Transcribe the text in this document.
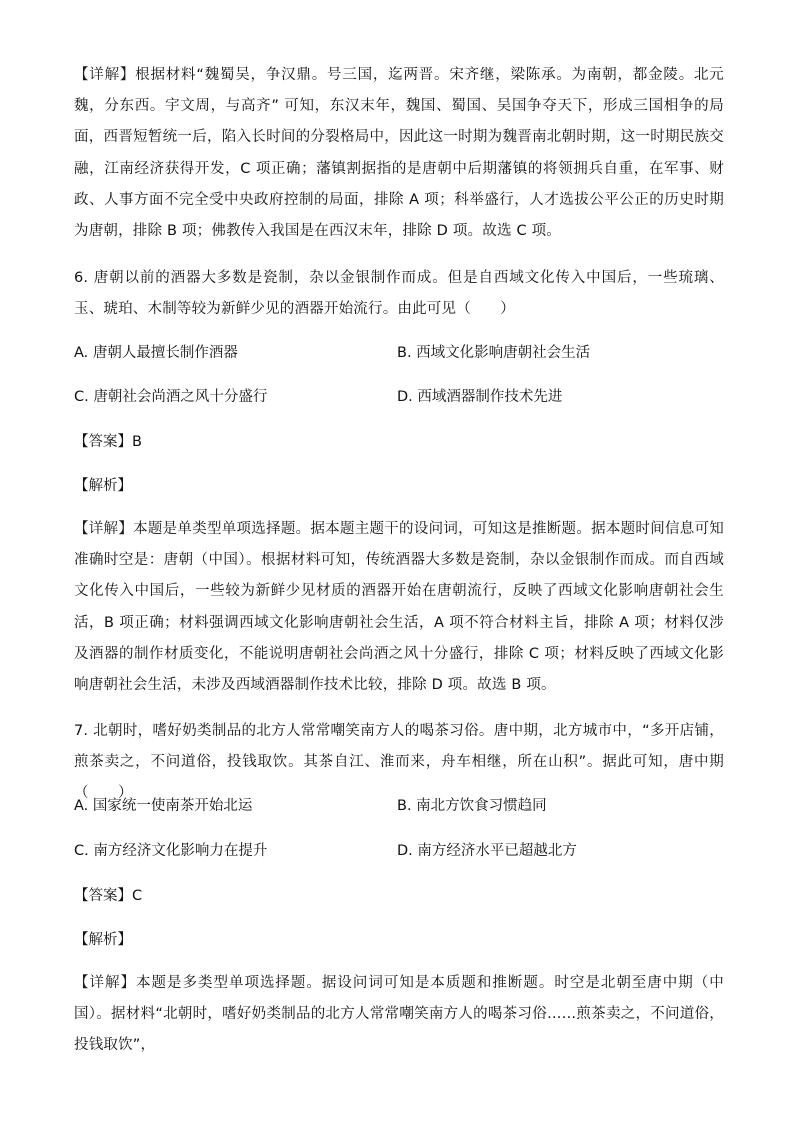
【详解】根据材料“魏蜀吴，争汉鼎。号三国，迄两晋。宋齐继，梁陈承。为南朝，都金陵。北元魏，分东西。宇文周，与高齐” 可知，东汉末年，魏国、蜀国、吴国争夺天下，形成三国相争的局面，西晋短暂统一后，陷入长时间的分裂格局中，因此这一时期为魏晋南北朝时期，这一时期民族交融，江南经济获得开发，C 项正确；藩镇割据指的是唐朝中后期藩镇的将领拥兵自重，在军事、财政、人事方面不完全受中央政府控制的局面，排除 A 项；科举盛行，人才选拔公平公正的历史时期为唐朝，排除 B 项；佛教传入我国是在西汉末年，排除 D 项。故选 C 项。
6. 唐朝以前的酒器大多数是瓷制，杂以金银制作而成。但是自西域文化传入中国后，一些琉璃、玉、琥珀、木制等较为新鲜少见的酒器开始流行。由此可见（　　）
A. 唐朝人最擅长制作酒器	B. 西域文化影响唐朝社会生活
C. 唐朝社会尚酒之风十分盛行	D. 西域酒器制作技术先进
【答案】B
【解析】
【详解】本题是单类型单项选择题。据本题主题干的设问词，可知这是推断题。据本题时间信息可知准确时空是：唐朝（中国）。根据材料可知，传统酒器大多数是瓷制，杂以金银制作而成。而自西域文化传入中国后，一些较为新鲜少见材质的酒器开始在唐朝流行，反映了西域文化影响唐朝社会生活，B 项正确；材料强调西域文化影响唐朝社会生活，A 项不符合材料主旨，排除 A 项；材料仅涉及酒器的制作材质变化，不能说明唐朝社会尚酒之风十分盛行，排除 C 项；材料反映了西域文化影响唐朝社会生活，未涉及西域酒器制作技术比较，排除 D 项。故选 B 项。
7. 北朝时，嗜好奶类制品的北方人常常嘲笑南方人的喝茶习俗。唐中期，北方城市中，“多开店铺，煎茶卖之，不问道俗，投钱取饮。其茶自江、淮而来，舟车相继，所在山积”。据此可知，唐中期（　　）
A. 国家统一使南茶开始北运	B. 南北方饮食习惯趋同
C. 南方经济文化影响力在提升	D. 南方经济水平已超越北方
【答案】C
【解析】
【详解】本题是多类型单项选择题。据设问词可知是本质题和推断题。时空是北朝至唐中期（中国）。据材料“北朝时，嗜好奶类制品的北方人常常嘲笑南方人的喝茶习俗……煎茶卖之，不问道俗，投钱取饮”，
